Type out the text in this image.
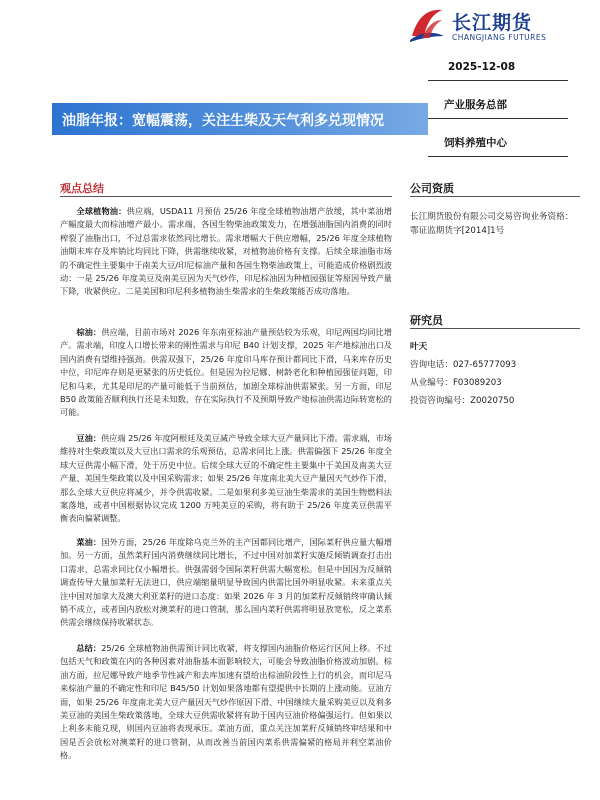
长江期货
CHANGJIANG FUTURES
2025-12-08
油脂年报：宽幅震荡，关注生柴及天气利多兑现情况
产业服务总部
饲料养殖中心
观点总结

全球植物油：供应端，USDA11 月预估 25/26 年度全球植物油增产放缓，其中菜油增产幅度最大而棕油增产最小。需求端，各国生物柴油政策发力，在增强油脂国内消费的同时榨裂了油脂出口，不过总需求依然同比增长。需求增幅大于供应增幅，25/26 年度全球植物油期末库存及库销比均同比下降，供需继续收紧，对植物油价格有支撑。后续全球油脂市场的不确定性主要集中于南美大豆/印尼棕油产量和各国生物柴油政策上，可能造成价格剧烈波动：一是 25/26 年度美豆及南美豆因为天气炒作，印尼棕油因为种植园强征等原因导致产量下降，收紧供应。二是美国和印尼利多植物油生柴需求的生柴政策能否成功落地。

棕油：供应端，目前市场对 2026 年东南亚棕油产量预估较为乐观，印尼两国均同比增产。需求端，印度人口增长带来的刚性需求与印尼 B40 计划支撑，2025 年产地棕油出口及国内消费有望维持强劲。供需双强下，25/26 年度印马库存预计都同比下滑，马来库存历史中位，印尼库存则是更紧张的历史低位。但是因为拉尼娜、树龄老化和种植园强征问题，印尼和马来，尤其是印尼的产量可能低于当前预估，加剧全球棕油供需紧张。另一方面，印尼 B50 政策能否顺利执行还是未知数，存在实际执行不及预期导致产地棕油供需边际转宽松的可能。

豆油：供应端 25/26 年度阿根廷及美豆减产导致全球大豆产量同比下滑。需求端，市场維持对生柴政策以及大豆出口需求的乐观预估，总需求同比上涨。供需偏强下 25/26 年度全球大豆供需小幅下滑，处于历史中位。后续全球大豆的不确定性主要集中于美国及南美大豆产量、美国生柴政策以及中国采购需求；如果 25/26 年度南北美大豆产量因天气炒作下滑，那么全球大豆供应将减少，并令供需收紧。二是如果利多美豆油生柴需求的美国生物燃料法案落地，或者中国根据协议完成 1200 万吨美豆的采购，将有助于 25/26 年度美豆供需平衡表向偏紧调整。

菜油：国外方面，25/26 年度除乌克兰外的主产国都同比增产，国际菜籽供应量大幅增加。另一方面，虽然菜籽国内消费继续同比增长，不过中国对加菜籽实施反倾销调查打击出口需求，总需求同比仅小幅增长。供强需弱令国际菜籽供需大幅宽松。但是中国因为反倾销调查传导大量加菜籽无法进口，供应端缩量明显导致国内供需比国外明显收紧。未来重点关注中国对加拿大及澳大利亚菜籽的进口态度：如果 2026 年 3 月的加菜籽反倾销终审确认倾销不成立，或者国内放松对澳菜籽的进口管制，那么国内菜籽供需将明显放宽松，反之菜系供需会继续保持收紧状态。

总结：25/26 全球植物油供需预计同比收紧，将支撑国内油脂价格运行区间上移。不过包括天气和政策在内的各种因素对油脂基本面影响较大，可能会导致油脂价格波动加剧。棕油方面，拉尼娜导致产地季节性减产和去库加速有望给出棕油阶段性上行的机会，而印尼马来棕油产量的不确定性和印尼 B45/50 计划如果落地都有望提供中长期的上涨动能。豆油方面，如果 25/26 年度南北美大豆产量因天气炒作原因下滑、中国继续大量采购美豆以及利多美豆油的美国生柴政策落地，全球大豆供需收紧将有助于国内豆油价格偏强运行。但如果以上利多未能兑现，则国内豆油将表现承压。菜油方面，重点关注加菜籽反倾销终审结果和中国是否会放松对澳菜籽的进口管制，从而改善当前国内菜系供需偏紧的格局并利空菜油价格。

公司资质
长江期货股份有限公司交易咨询业务资格：鄂证监期货字[2014]1号
研究员
叶天
咨询电话：027-65777093
从业编号：F03089203
投资咨询编号：Z0020750
